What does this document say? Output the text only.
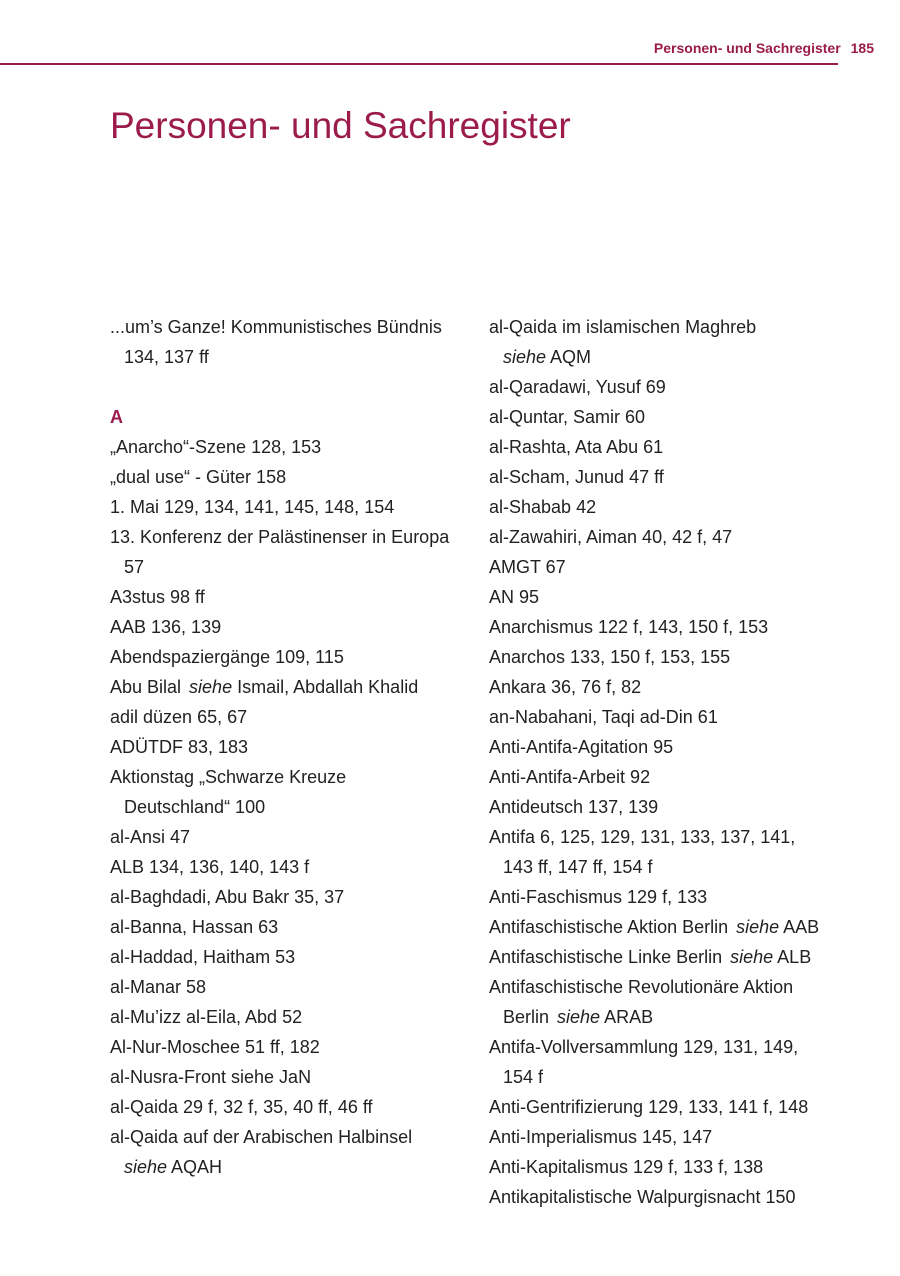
Personen- und Sachregister 185
Personen- und Sachregister
...um’s Ganze! Kommunistisches Bündnis
134, 137 ff
A
„Anarcho“-Szene 128, 153
„dual use“ - Güter 158
1. Mai 129, 134, 141, 145, 148, 154
13. Konferenz der Palästinenser in Europa
57
A3stus 98 ff
AAB 136, 139
Abendspaziergänge 109, 115
Abu Bilal siehe Ismail, Abdallah Khalid
adil düzen 65, 67
ADÜTDF 83, 183
Aktionstag „Schwarze Kreuze
Deutschland“ 100
al-Ansi 47
ALB 134, 136, 140, 143 f
al-Baghdadi, Abu Bakr 35, 37
al-Banna, Hassan 63
al-Haddad, Haitham 53
al-Manar 58
al-Mu’izz al-Eila, Abd 52
Al-Nur-Moschee 51 ff, 182
al-Nusra-Front siehe JaN
al-Qaida 29 f, 32 f, 35, 40 ff, 46 ff
al-Qaida auf der Arabischen Halbinsel
siehe AQAH
al-Qaida im islamischen Maghreb
siehe AQM
al-Qaradawi, Yusuf 69
al-Quntar, Samir 60
al-Rashta, Ata Abu 61
al-Scham, Junud 47 ff
al-Shabab 42
al-Zawahiri, Aiman 40, 42 f, 47
AMGT 67
AN 95
Anarchismus 122 f, 143, 150 f, 153
Anarchos 133, 150 f, 153, 155
Ankara 36, 76 f, 82
an-Nabahani, Taqi ad-Din 61
Anti-Antifa-Agitation 95
Anti-Antifa-Arbeit 92
Antideutsch 137, 139
Antifa 6, 125, 129, 131, 133, 137, 141,
143 ff, 147 ff, 154 f
Anti-Faschismus 129 f, 133
Antifaschistische Aktion Berlin siehe AAB
Antifaschistische Linke Berlin siehe ALB
Antifaschistische Revolutionäre Aktion
Berlin siehe ARAB
Antifa-Vollversammlung 129, 131, 149,
154 f
Anti-Gentrifizierung 129, 133, 141 f, 148
Anti-Imperialismus 145, 147
Anti-Kapitalismus 129 f, 133 f, 138
Antikapitalistische Walpurgisnacht 150
